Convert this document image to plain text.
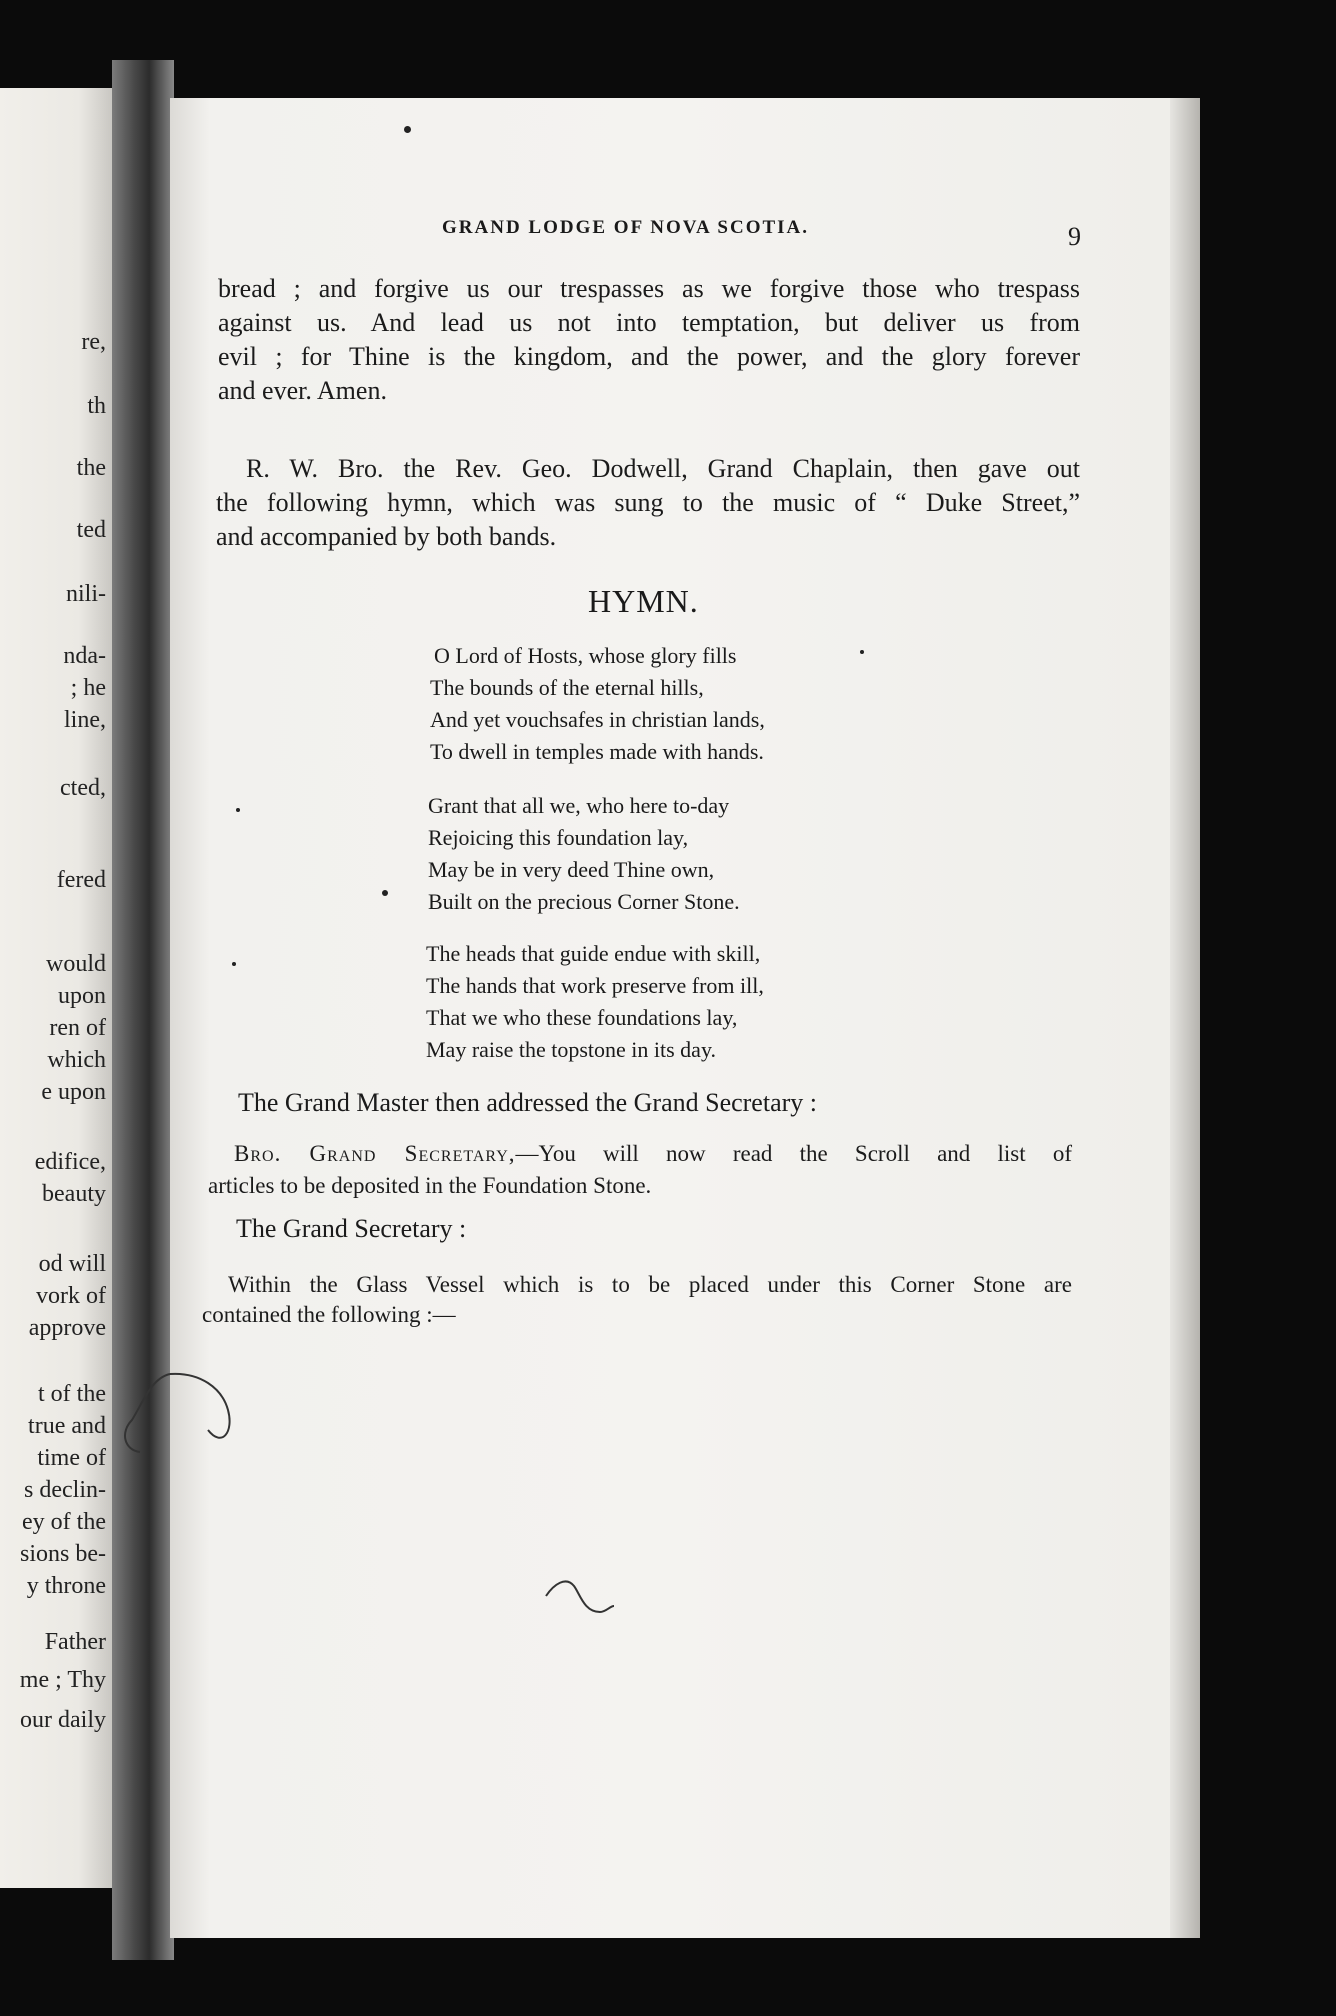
re,
th
the
ted
nili-
nda-
; he
line,
cted,
fered
would
upon
ren of
which
e upon
edifice,
beauty
od will
vork of
approve
t of the
true and
time of
s declin-
ey of the
sions be-
y throne
Father
me ; Thy
our daily
GRAND LODGE OF NOVA SCOTIA.	9
bread ; and forgive us our trespasses as we forgive those who trespass
against us. And lead us not into temptation, but deliver us from
evil ; for Thine is the kingdom, and the power, and the glory forever
and ever. Amen.
R. W. Bro. the Rev. Geo. Dodwell, Grand Chaplain, then gave out
the following hymn, which was sung to the music of “ Duke Street,”
and accompanied by both bands.
HYMN.
O Lord of Hosts, whose glory fills
The bounds of the eternal hills,
And yet vouchsafes in christian lands,
To dwell in temples made with hands.
Grant that all we, who here to-day
Rejoicing this foundation lay,
May be in very deed Thine own,
Built on the precious Corner Stone.
The heads that guide endue with skill,
The hands that work preserve from ill,
That we who these foundations lay,
May raise the topstone in its day.
The Grand Master then addressed the Grand Secretary :
Bro. Grand Secretary,—You will now read the Scroll and list of
articles to be deposited in the Foundation Stone.
The Grand Secretary :
Within the Glass Vessel which is to be placed under this Corner Stone are
contained the following :—
